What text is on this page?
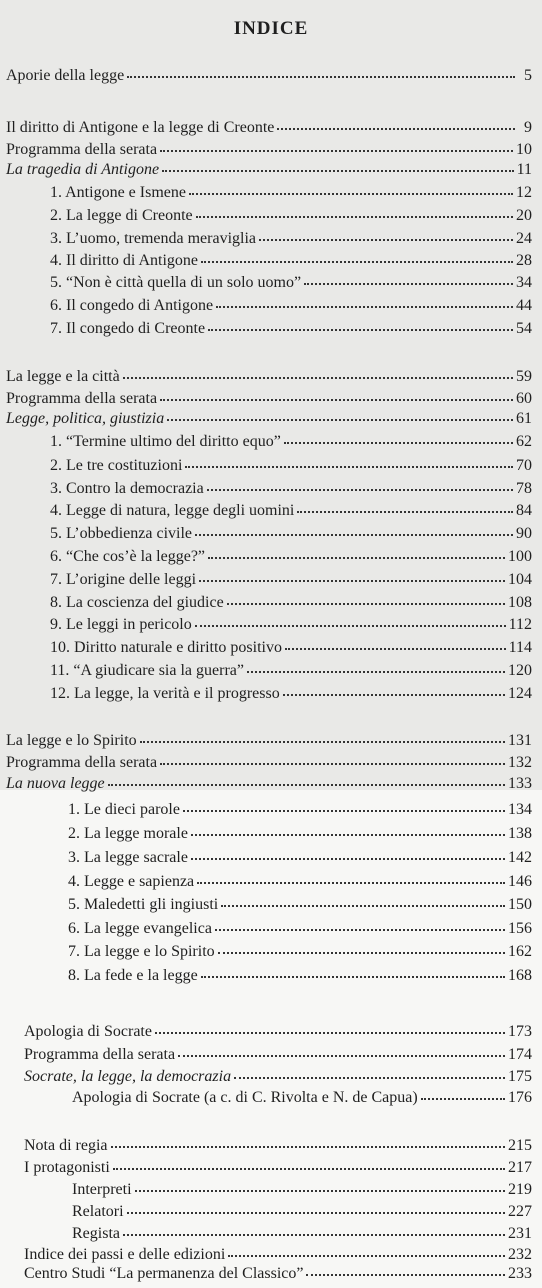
INDICE
Aporie della legge	5
Il diritto di Antigone e la legge di Creonte	9
Programma della serata	10
La tragedia di Antigone	11
1. Antigone e Ismene	12
2. La legge di Creonte	20
3. L’uomo, tremenda meraviglia	24
4. Il diritto di Antigone	28
5. “Non è città quella di un solo uomo”	34
6. Il congedo di Antigone	44
7. Il congedo di Creonte	54
La legge e la città	59
Programma della serata	60
Legge, politica, giustizia	61
1. “Termine ultimo del diritto equo”	62
2. Le tre costituzioni	70
3. Contro la democrazia	78
4. Legge di natura, legge degli uomini	84
5. L’obbedienza civile	90
6. “Che cos’è la legge?”	100
7. L’origine delle leggi	104
8. La coscienza del giudice	108
9. Le leggi in pericolo	112
10. Diritto naturale e diritto positivo	114
11. “A giudicare sia la guerra”	120
12. La legge, la verità e il progresso	124
La legge e lo Spirito	131
Programma della serata	132
La nuova legge	133
1. Le dieci parole	134
2. La legge morale	138
3. La legge sacrale	142
4. Legge e sapienza	146
5. Maledetti gli ingiusti	150
6. La legge evangelica	156
7. La legge e lo Spirito	162
8. La fede e la legge	168
Apologia di Socrate	173
Programma della serata	174
Socrate, la legge, la democrazia	175
Apologia di Socrate (a c. di C. Rivolta e N. de Capua)	176
Nota di regia	215
I protagonisti	217
Interpreti	219
Relatori	227
Regista	231
Indice dei passi e delle edizioni	232
Centro Studi “La permanenza del Classico”	233
